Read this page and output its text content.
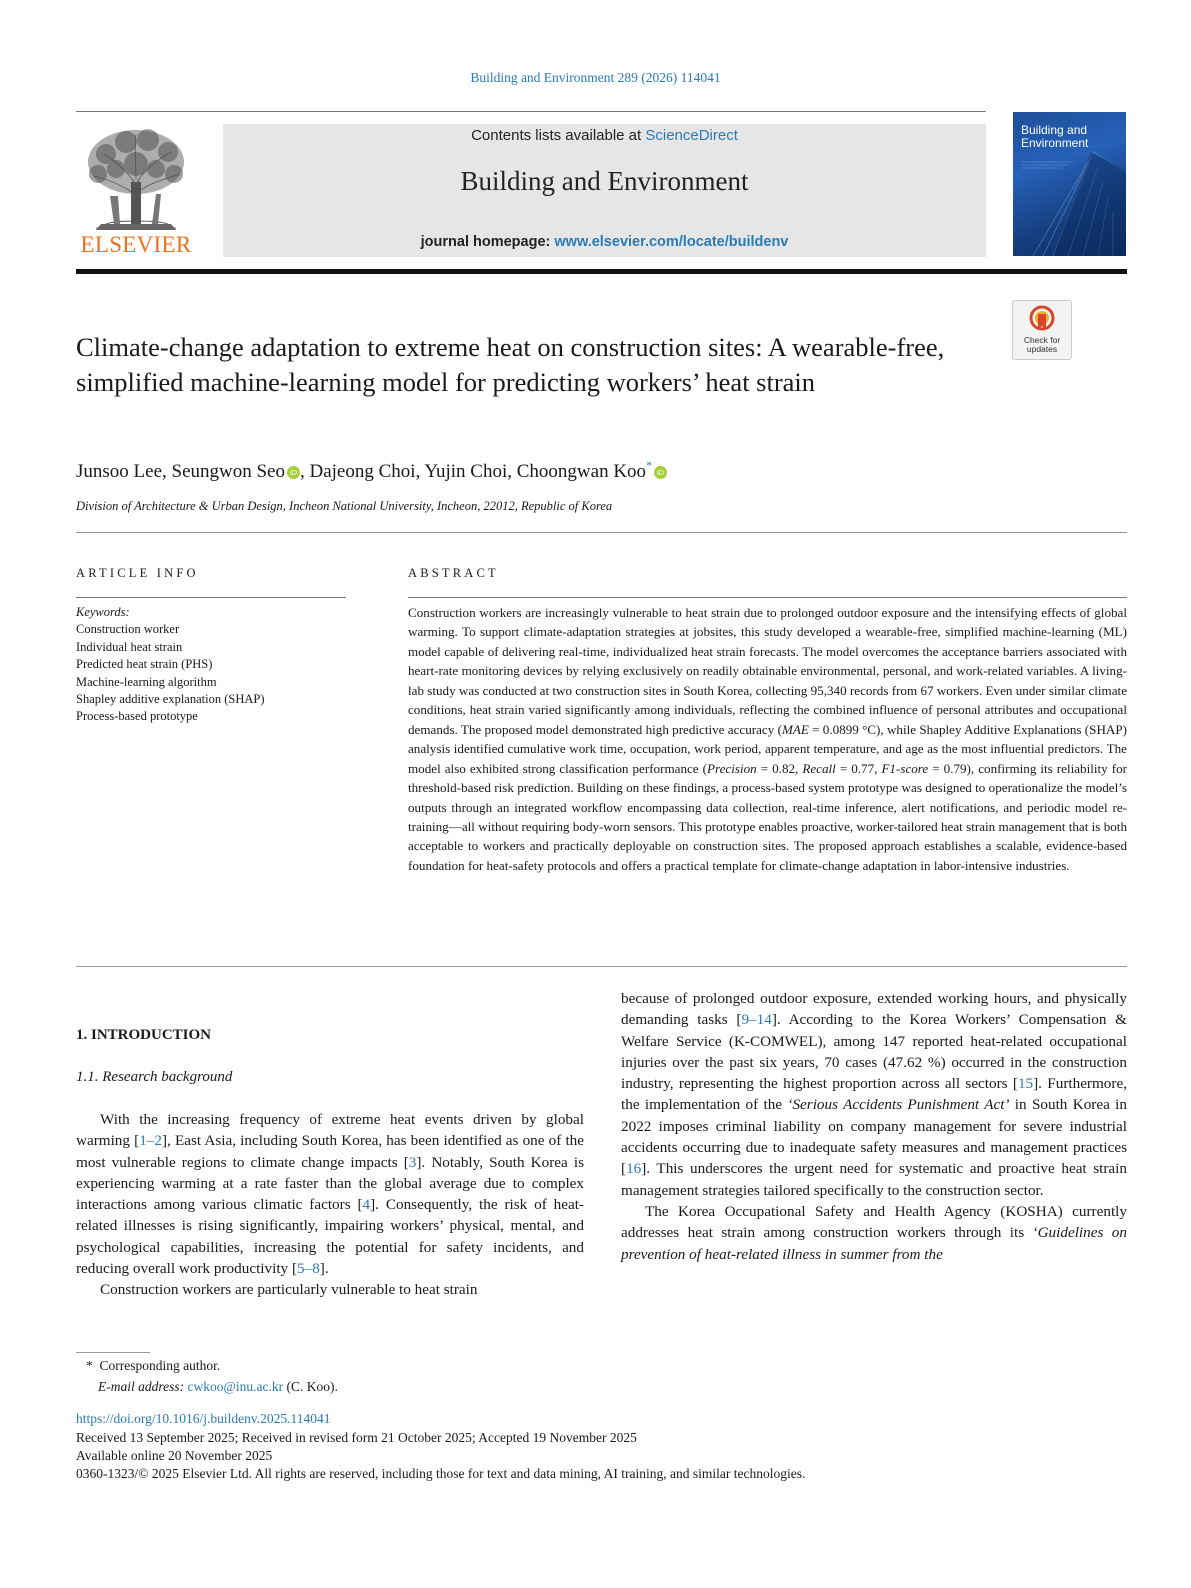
Building and Environment 289 (2026) 114041
ELSEVIER
Contents lists available at ScienceDirect
Building and Environment
journal homepage: www.elsevier.com/locate/buildenv
Building and
Environment
Check for
updates
Climate-change adaptation to extreme heat on construction sites: A wearable-free, simplified machine-learning model for predicting workers’ heat strain
Junsoo Lee, Seungwon Seo iD , Dajeong Choi, Yujin Choi, Choongwan Koo*iD
Division of Architecture & Urban Design, Incheon National University, Incheon, 22012, Republic of Korea
ARTICLE INFO
Keywords:
Construction worker
Individual heat strain
Predicted heat strain (PHS)
Machine-learning algorithm
Shapley additive explanation (SHAP)
Process-based prototype
ABSTRACT
Construction workers are increasingly vulnerable to heat strain due to prolonged outdoor exposure and the intensifying effects of global warming. To support climate-adaptation strategies at jobsites, this study developed a wearable-free, simplified machine-learning (ML) model capable of delivering real-time, individualized heat strain forecasts. The model overcomes the acceptance barriers associated with heart-rate monitoring devices by relying exclusively on readily obtainable environmental, personal, and work-related variables. A living-lab study was conducted at two construction sites in South Korea, collecting 95,340 records from 67 workers. Even under similar climate conditions, heat strain varied significantly among individuals, reflecting the combined influence of personal attributes and occupational demands. The proposed model demonstrated high predictive accuracy (MAE = 0.0899 °C), while Shapley Additive Explanations (SHAP) analysis identified cumulative work time, occupation, work period, apparent temperature, and age as the most influential predictors. The model also exhibited strong classification performance (Precision = 0.82, Recall = 0.77, F1-score = 0.79), confirming its reliability for threshold-based risk prediction. Building on these findings, a process-based system prototype was designed to operationalize the model’s outputs through an integrated workflow encompassing data collection, real-time inference, alert notifications, and periodic model re-training—all without requiring body-worn sensors. This prototype enables proactive, worker-tailored heat strain management that is both acceptable to workers and practically deployable on construction sites. The proposed approach establishes a scalable, evidence-based foundation for heat-safety protocols and offers a practical template for climate-change adaptation in labor-intensive industries.
1. INTRODUCTION
1.1. Research background

With the increasing frequency of extreme heat events driven by global warming [1–2], East Asia, including South Korea, has been identified as one of the most vulnerable regions to climate change impacts [3]. Notably, South Korea is experiencing warming at a rate faster than the global average due to complex interactions among various climatic factors [4]. Consequently, the risk of heat-related illnesses is rising significantly, impairing workers’ physical, mental, and psychological capabilities, increasing the potential for safety incidents, and reducing overall work productivity [5–8].

Construction workers are particularly vulnerable to heat strain

because of prolonged outdoor exposure, extended working hours, and physically demanding tasks [9–14]. According to the Korea Workers’ Compensation & Welfare Service (K-COMWEL), among 147 reported heat-related occupational injuries over the past six years, 70 cases (47.62 %) occurred in the construction industry, representing the highest proportion across all sectors [15]. Furthermore, the implementation of the ‘Serious Accidents Punishment Act’ in South Korea in 2022 imposes criminal liability on company management for severe industrial accidents occurring due to inadequate safety measures and management practices [16]. This underscores the urgent need for systematic and proactive heat strain management strategies tailored specifically to the construction sector.

The Korea Occupational Safety and Health Agency (KOSHA) currently addresses heat strain among construction workers through its ‘Guidelines on prevention of heat-related illness in summer from the

* Corresponding author.
E-mail address: cwkoo@inu.ac.kr (C. Koo).
https://doi.org/10.1016/j.buildenv.2025.114041
Received 13 September 2025; Received in revised form 21 October 2025; Accepted 19 November 2025
Available online 20 November 2025
0360-1323/© 2025 Elsevier Ltd. All rights are reserved, including those for text and data mining, AI training, and similar technologies.
